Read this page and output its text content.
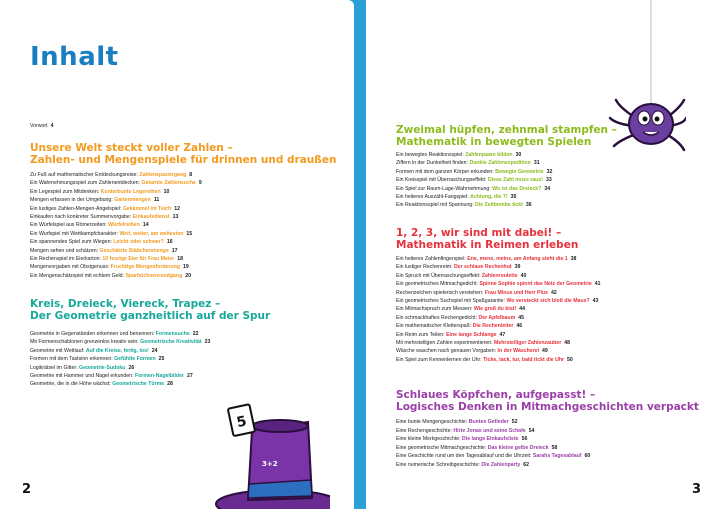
Inhalt
Vorwort 4
Unsere Welt steckt voller Zahlen –
Zahlen- und Mengenspiele für drinnen und draußen
Zu Fuß auf mathematischer Entdeckungsreise: Zahlenspaziergang 8
Ein Wahrnehmungsspiel zum Zahlenentdecken: Getarnte Zahlensuche 9
Ein Legespiel zum Mitdenken: Kunterbunte Legereihen 10
Mengen erfassen in der Umgebung: Gartenmengen 11
Ein lustiges Zahlen-Mengen-Angelspiel: Gekämmel im Teich 12
Einkaufen nach konkreter Summenvorgabe: Einkaufsdienst 13
Ein Würfelspiel aus Römerzeiten: Würfelreihen 14
Ein Wurfspiel mit Wettkampfcharakter: Weit, weiter, am weitesten 15
Ein spannendes Spiel zum Wiegen: Leicht oder schwer? 16
Mengen sehen und schätzen: Geschätzte Stäbchenmenge 17
Ein Rechenspiel im Eierkarton: 10 feurige Eier für Frau Meier 18
Mengenvorgaben mit Obstgenuss: Fruchtige Mengenforderung 19
Ein Mengenschätzspiel mit echtem Geld: Sparbüchsenrundgang 20
Kreis, Dreieck, Viereck, Trapez –
Der Geometrie ganzheitlich auf der Spur
Geometrie in Gegenständen erkennen und benennen: Formensuche 22
Mit Formenschablonen grenzenlos kreativ sein: Geometrische Kreativität 23
Geometrie mit Wettlauf: Auf die Kreise, fertig, los! 24
Formen mit dem Tastsinn erkennen: Gefühlte Formen 25
Logikrätsel im Gitter: Geometrie-Sudoku 26
Geometrie mit Hammer und Nagel erkunden: Formen-Nagelbilder 27
Geometrie, die in die Höhe wächst: Geometrische Türme 28
5
3+2
2
Zweimal hüpfen, zehnmal stampfen –
Mathematik in bewegten Spielen
Ein bewegtes Reaktionsspiel: Zahlenpaare bilden 30
Ziffern in der Dunkelheit finden: Dunkle Zahlenexpedition 31
Formen mit dem ganzen Körper erkunden: Bewegte Geometrie 32
Ein Kreisspiel mit Überraschungseffekt: Diese Zahl muss raus! 33
Ein Spiel zur Raum-Lage-Wahrnehmung: Wo ist das Dreieck? 34
Ein heiteres Auszähl-Fangspiel: Achtung, die 7! 35
Ein Reaktionsspiel mit Spannung: Die Zeitbombe tickt 36
1, 2, 3, wir sind mit dabei! –
Mathematik in Reimen erleben
Ein heiteres Zahlenfingerspiel: Ene, mene, meins, am Anfang steht die 1 38
Ein lustiger Rechenreim: Der schlaue Rechenhut 39
Ein Spruch mit Überraschungseffekt: Zahlenroulette 40
Ein geometrisches Mitmachgedicht: Spinne Sophie spinnt das Netz der Geometrie 41
Rechenzeichen spielerisch verstehen: Frau Minus und Herr Plus 42
Ein geometrisches Suchspiel mit Spaßgarantie: Wo versteckt sich bloß die Maus? 43
Ein Mitmachspruch zum Messen: Wie groß du bist! 44
Ein schmackhaftes Rechengedicht: Der Apfelbaum 45
Ein mathematischer Kletterspaß: Die Rechenleiter 46
Ein Reim zum Teilen: Eine lange Schlange 47
Mit mehrstelligen Zahlen experimentieren: Mehrstelliger Zahlenzauber 48
Wäsche waschen nach genauen Vorgaben: In der Wäscherei 49
Ein Spiel zum Kennenlernen der Uhr: Ticke, tack, tur, bald tickt die Uhr 50
Schlaues Köpfchen, aufgepasst! –
Logisches Denken in Mitmachgeschichten verpackt
Eine bunte Mengengeschichte: Buntes Gefieder 52
Eine Rechengeschichte: Hirte Jonas und seine Schafe 54
Eine kleine Merkgeschichte: Die lange Einkaufsliste 56
Eine geometrische Mitmachgeschichte: Das kleine gelbe Dreieck 58
Eine Geschichte rund um den Tagesablauf und die Uhrzeit: Sarahs Tagesablauf 60
Eine numerische Schreibgeschichte: Die Zahlenparty 62
3
